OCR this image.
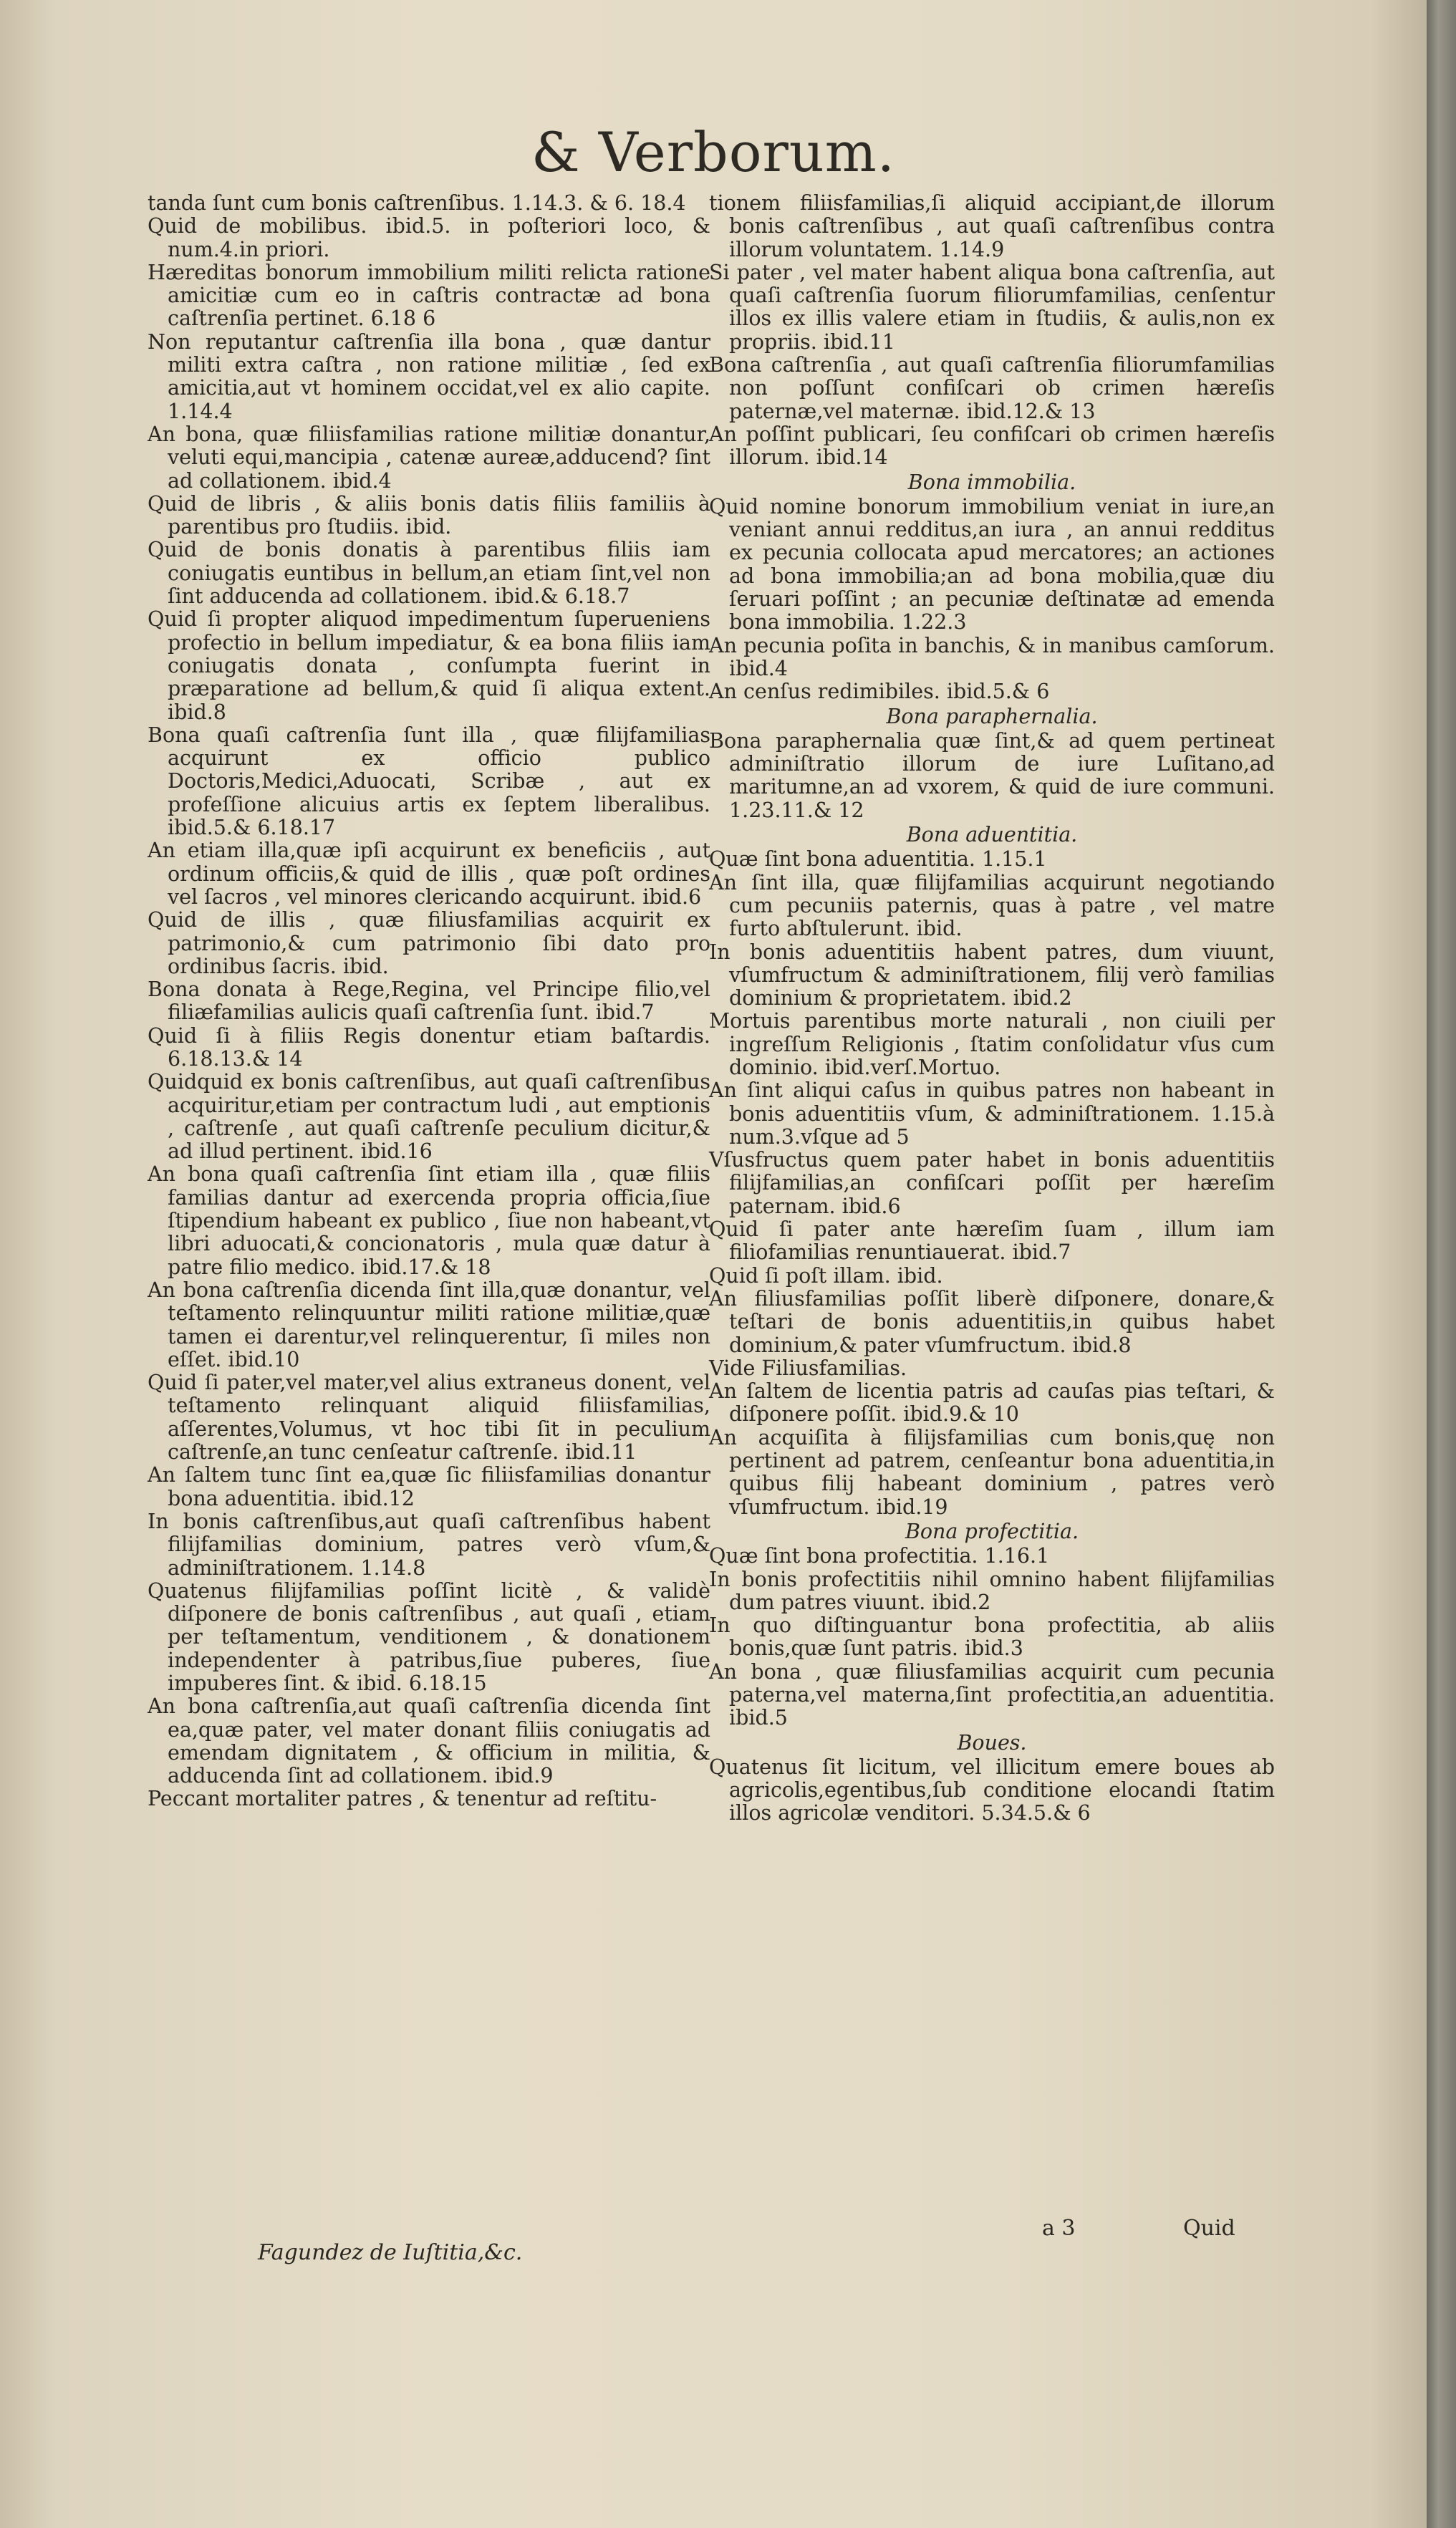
& Verborum.

tanda ſunt cum bonis caſtrenſibus. 1.14.3. & 6. 18.4

Quid de mobilibus. ibid.5. in poſteriori loco, & num.4.in priori.

Hæreditas bonorum immobilium militi relicta ratione amicitiæ cum eo in caſtris contractæ ad bona caſtrenſia pertinet. 6.18 6

Non reputantur caſtrenſia illa bona , quæ dantur militi extra caſtra , non ratione militiæ , ſed ex amicitia,aut vt hominem occidat,vel ex alio capite. 1.14.4

An bona, quæ filiisfamilias ratione militiæ donantur, veluti equi,mancipia , catenæ aureæ,adducend? ſint ad collationem. ibid.4

Quid de libris , & aliis bonis datis filiis familiis à parentibus pro ſtudiis. ibid.

Quid de bonis donatis à parentibus filiis iam coniugatis euntibus in bellum,an etiam ſint,vel non ſint adducenda ad collationem. ibid.& 6.18.7

Quid ſi propter aliquod impedimentum ſuperueniens profectio in bellum impediatur, & ea bona filiis iam coniugatis donata , conſumpta fuerint in præparatione ad bellum,& quid ſi aliqua extent. ibid.8

Bona quaſi caſtrenſia ſunt illa , quæ filijfamilias acquirunt ex officio publico Doctoris,Medici,Aduocati, Scribæ , aut ex profeſſione alicuius artis ex ſeptem liberalibus. ibid.5.& 6.18.17

An etiam illa,quæ ipſi acquirunt ex beneficiis , aut ordinum officiis,& quid de illis , quæ poſt ordines vel ſacros , vel minores clericando acquirunt. ibid.6

Quid de illis , quæ filiusfamilias acquirit ex patrimonio,& cum patrimonio ſibi dato pro ordinibus ſacris. ibid.

Bona donata à Rege,Regina, vel Principe filio,vel filiæfamilias aulicis quaſi caſtrenſia ſunt. ibid.7

Quid ſi à filiis Regis donentur etiam baſtardis. 6.18.13.& 14

Quidquid ex bonis caſtrenſibus, aut quaſi caſtrenſibus acquiritur,etiam per contractum ludi , aut emptionis , caſtrenſe , aut quaſi caſtrenſe peculium dicitur,& ad illud pertinent. ibid.16

An bona quaſi caſtrenſia ſint etiam illa , quæ filiis familias dantur ad exercenda propria officia,ſiue ſtipendium habeant ex publico , ſiue non habeant,vt libri aduocati,& concionatoris , mula quæ datur à patre filio medico. ibid.17.& 18

An bona caſtrenſia dicenda ſint illa,quæ donantur, vel teſtamento relinquuntur militi ratione militiæ,quæ tamen ei darentur,vel relinquerentur, ſi miles non eſſet. ibid.10

Quid ſi pater,vel mater,vel alius extraneus donent, vel teſtamento relinquant aliquid filiisfamilias, aſſerentes,Volumus, vt hoc tibi ſit in peculium caſtrenſe,an tunc cenſeatur caſtrenſe. ibid.11

An ſaltem tunc ſint ea,quæ ſic filiisfamilias donantur bona aduentitia. ibid.12

In bonis caſtrenſibus,aut quaſi caſtrenſibus habent filijfamilias dominium, patres verò vſum,& adminiſtrationem. 1.14.8

Quatenus filijfamilias poſſint licitè , & validè diſponere de bonis caſtrenſibus , aut quaſi , etiam per teſtamentum, venditionem , & donationem independenter à patribus,ſiue puberes, ſiue impuberes ſint. & ibid. 6.18.15

An bona caſtrenſia,aut quaſi caſtrenſia dicenda ſint ea,quæ pater, vel mater donant filiis coniugatis ad emendam dignitatem , & officium in militia, & adducenda ſint ad collationem. ibid.9

Peccant mortaliter patres , & tenentur ad reſtitu-

tionem filiisfamilias,ſi aliquid accipiant,de illorum bonis caſtrenſibus , aut quaſi caſtrenſibus contra illorum voluntatem. 1.14.9

Si pater , vel mater habent aliqua bona caſtrenſia, aut quaſi caſtrenſia ſuorum filiorumfamilias, cenſentur illos ex illis valere etiam in ſtudiis, & aulis,non ex propriis. ibid.11

Bona caſtrenſia , aut quaſi caſtrenſia filiorumfamilias non poſſunt confiſcari ob crimen hæreſis paternæ,vel maternæ. ibid.12.& 13

An poſſint publicari, ſeu confiſcari ob crimen hæreſis illorum. ibid.14

Bona immobilia.

Quid nomine bonorum immobilium veniat in iure,an veniant annui redditus,an iura , an annui redditus ex pecunia collocata apud mercatores; an actiones ad bona immobilia;an ad bona mobilia,quæ diu ſeruari poſſint ; an pecuniæ deſtinatæ ad emenda bona immobilia. 1.22.3

An pecunia poſita in banchis, & in manibus camſorum. ibid.4

An cenſus redimibiles. ibid.5.& 6

Bona paraphernalia.

Bona paraphernalia quæ ſint,& ad quem pertineat adminiſtratio illorum de iure Luſitano,ad maritumne,an ad vxorem, & quid de iure communi. 1.23.11.& 12

Bona aduentitia.

Quæ ſint bona aduentitia. 1.15.1

An ſint illa, quæ filijfamilias acquirunt negotiando cum pecuniis paternis, quas à patre , vel matre furto abſtulerunt. ibid.

In bonis aduentitiis habent patres, dum viuunt, vſumfructum & adminiſtrationem, filij verò familias dominium & proprietatem. ibid.2

Mortuis parentibus morte naturali , non ciuili per ingreſſum Religionis , ſtatim conſolidatur vſus cum dominio. ibid.verſ.Mortuo.

An ſint aliqui caſus in quibus patres non habeant in bonis aduentitiis vſum, & adminiſtrationem. 1.15.à num.3.vſque ad 5

Vſusfructus quem pater habet in bonis aduentitiis filijfamilias,an confiſcari poſſit per hæreſim paternam. ibid.6

Quid ſi pater ante hæreſim ſuam , illum iam filiofamilias renuntiauerat. ibid.7

Quid ſi poſt illam. ibid.

An filiusfamilias poſſit liberè diſponere, donare,& teſtari de bonis aduentitiis,in quibus habet dominium,& pater vſumfructum. ibid.8

Vide Filiusfamilias.

An ſaltem de licentia patris ad cauſas pias teſtari, & diſponere poſſit. ibid.9.& 10

An acquiſita à filijsfamilias cum bonis,quę non pertinent ad patrem, cenſeantur bona aduentitia,in quibus filij habeant dominium , patres verò vſumfructum. ibid.19

Bona profectitia.

Quæ ſint bona profectitia. 1.16.1

In bonis profectitiis nihil omnino habent filijfamilias dum patres viuunt. ibid.2

In quo diſtinguantur bona profectitia, ab aliis bonis,quæ ſunt patris. ibid.3

An bona , quæ filiusfamilias acquirit cum pecunia paterna,vel materna,ſint profectitia,an aduentitia. ibid.5

Boues.

Quatenus ſit licitum, vel illicitum emere boues ab agricolis,egentibus,ſub conditione elocandi ſtatim illos agricolæ venditori. 5.34.5.& 6

Fagundez de Iuſtitia,&c.
a 3	Quid
